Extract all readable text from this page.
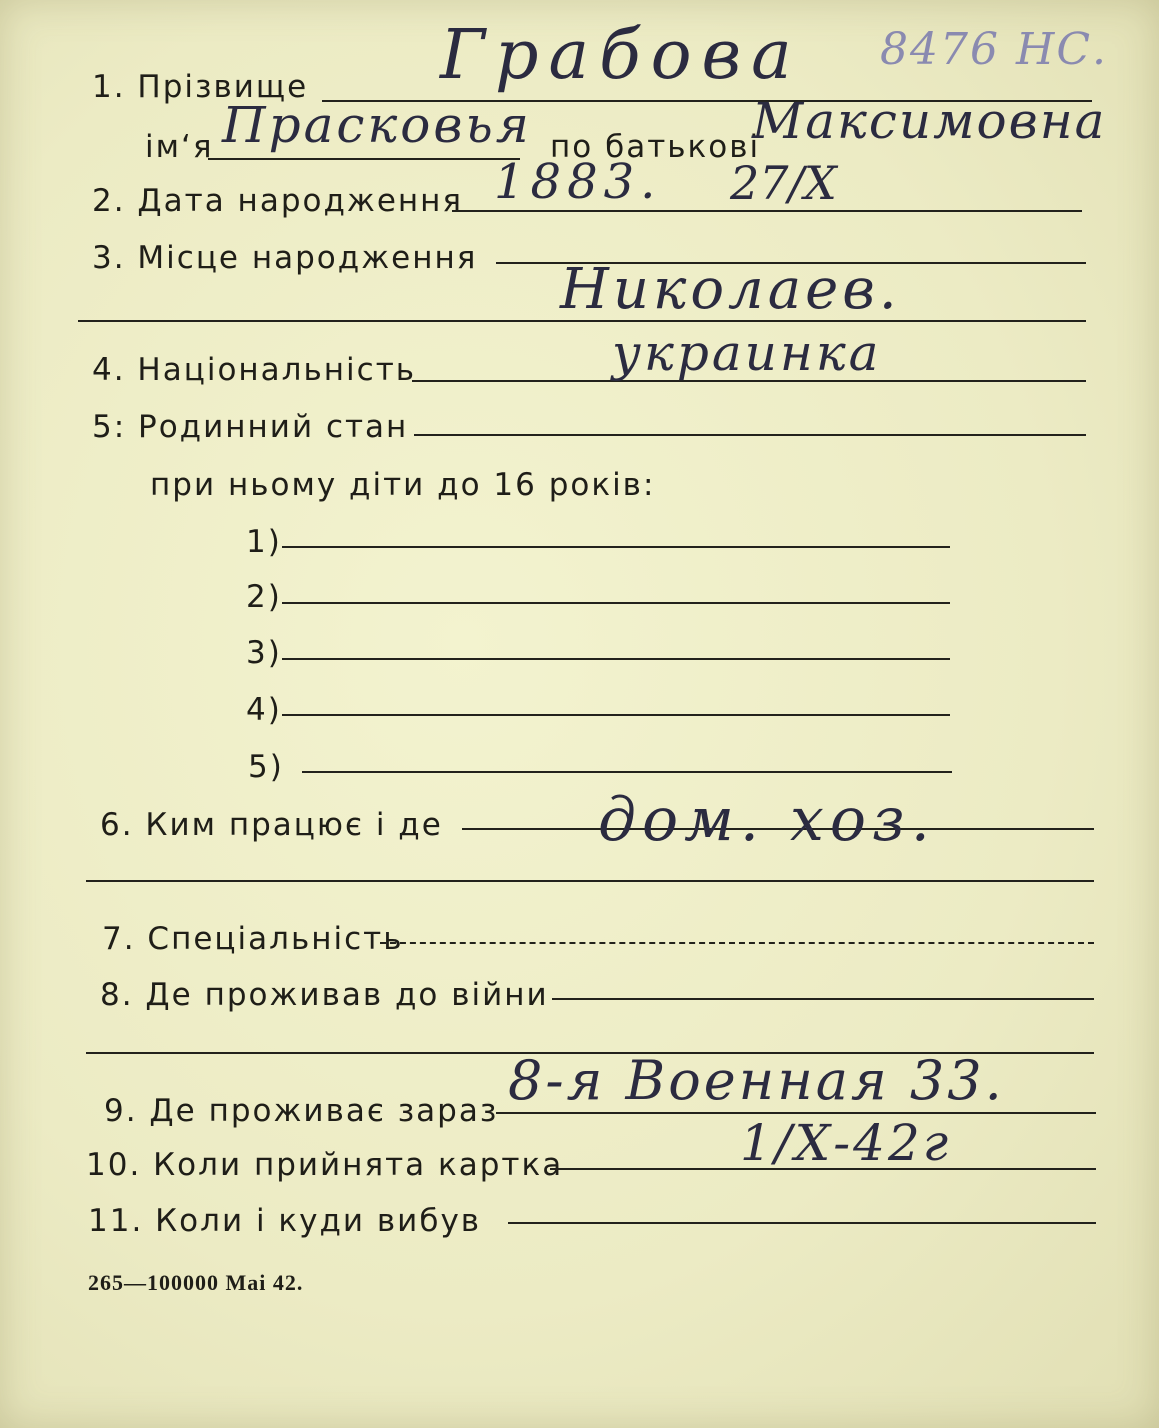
1. Прізвище Грабова 8476 НС.
ім‘я Прасковья по батькові
Максимовна
2. Дата народження 1883. 27/Х
3. Місце народження Николаев.
4. Національність	украинка
5: Родинний стан
при ньому діти до 16 років:
1)
2)
3)
4)
5)
6. Ким працює і де	дом. хоз.
7. Спеціальність
8. Де проживав до війни
9. Де проживає зараз 8-я Военная 33.
10. Коли прийнята картка	1/Х-42г
11. Коли і куди вибув
265—100000 Mai 42.
